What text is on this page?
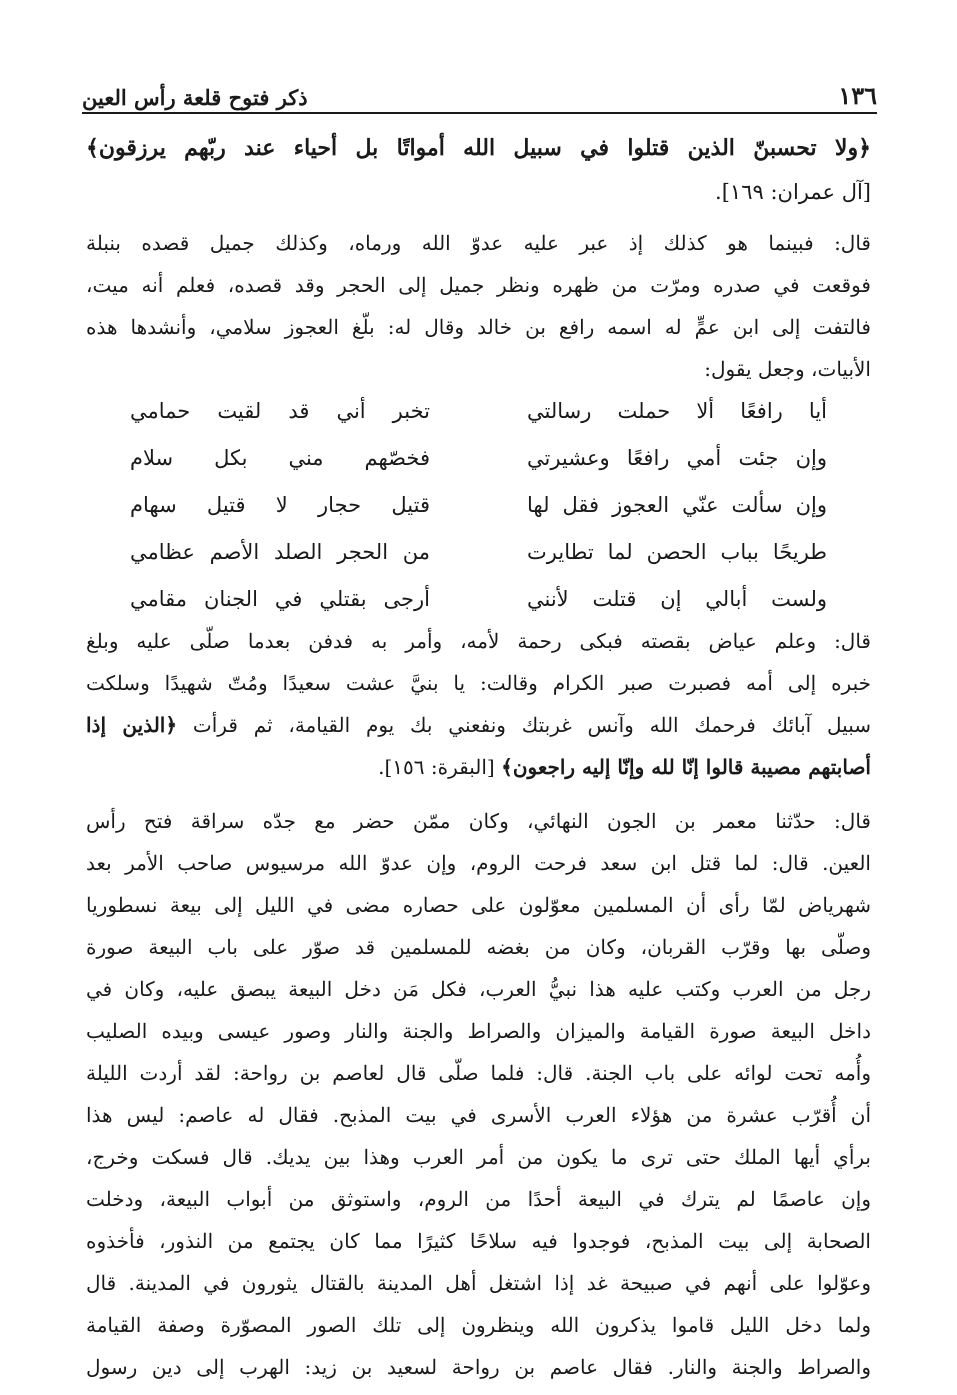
١٣٦
ذكر فتوح قلعة رأس العين
﴿ولا تحسبنّ الذين قتلوا في سبيل الله أمواتًا بل أحياء عند ربّهم يرزقون﴾
[آل عمران: ١٦٩].
قال: فبينما هو كذلك إذ عبر عليه عدوّ الله ورماه، وكذلك جميل قصده بنبلة
فوقعت في صدره ومرّت من ظهره ونظر جميل إلى الحجر وقد قصده، فعلم أنه ميت،
فالتفت إلى ابن عمٍّ له اسمه رافع بن خالد وقال له: بلّغ العجوز سلامي، وأنشدها هذه
الأبيات، وجعل يقول:
أيا رافعًا ألا حملت رسالتي
تخبر أني قد لقيت حمامي
وإن جئت أمي رافعًا وعشيرتي
فخصّهم مني بكل سلام
وإن سألت عنّي العجوز فقل لها
قتيل حجار لا قتيل سهام
طريحًا بباب الحصن لما تطايرت
من الحجر الصلد الأصم عظامي
ولست أبالي إن قتلت لأنني
أرجى بقتلي في الجنان مقامي
قال: وعلم عياض بقصته فبكى رحمة لأمه، وأمر به فدفن بعدما صلّى عليه وبلغ
خبره إلى أمه فصبرت صبر الكرام وقالت: يا بنيَّ عشت سعيدًا ومُتّ شهيدًا وسلكت
سبيل آبائك فرحمك الله وآنس غربتك ونفعني بك يوم القيامة، ثم قرأت ﴿الذين إذا
أصابتهم مصيبة قالوا إنّا لله وإنّا إليه راجعون﴾ [البقرة: ١٥٦].
قال: حدّثنا معمر بن الجون النهائي، وكان ممّن حضر مع جدّه سراقة فتح رأس
العين. قال: لما قتل ابن سعد فرحت الروم، وإن عدوّ الله مرسيوس صاحب الأمر بعد
شهرياض لمّا رأى أن المسلمين معوّلون على حصاره مضى في الليل إلى بيعة نسطوريا
وصلّى بها وقرّب القربان، وكان من بغضه للمسلمين قد صوّر على باب البيعة صورة
رجل من العرب وكتب عليه هذا نبيُّ العرب، فكل مَن دخل البيعة يبصق عليه، وكان في
داخل البيعة صورة القيامة والميزان والصراط والجنة والنار وصور عيسى وبيده الصليب
وأُمه تحت لوائه على باب الجنة. قال: فلما صلّى قال لعاصم بن رواحة: لقد أردت الليلة
أن أُقرّب عشرة من هؤلاء العرب الأسرى في بيت المذبح. فقال له عاصم: ليس هذا
برأي أيها الملك حتى ترى ما يكون من أمر العرب وهذا بين يديك. قال فسكت وخرج،
وإن عاصمًا لم يترك في البيعة أحدًا من الروم، واستوثق من أبواب البيعة، ودخلت
الصحابة إلى بيت المذبح، فوجدوا فيه سلاحًا كثيرًا مما كان يجتمع من النذور، فأخذوه
وعوّلوا على أنهم في صبيحة غد إذا اشتغل أهل المدينة بالقتال يثورون في المدينة. قال
ولما دخل الليل قاموا يذكرون الله وينظرون إلى تلك الصور المصوّرة وصفة القيامة
والصراط والجنة والنار. فقال عاصم بن رواحة لسعيد بن زيد: الهرب إلى دين رسول
